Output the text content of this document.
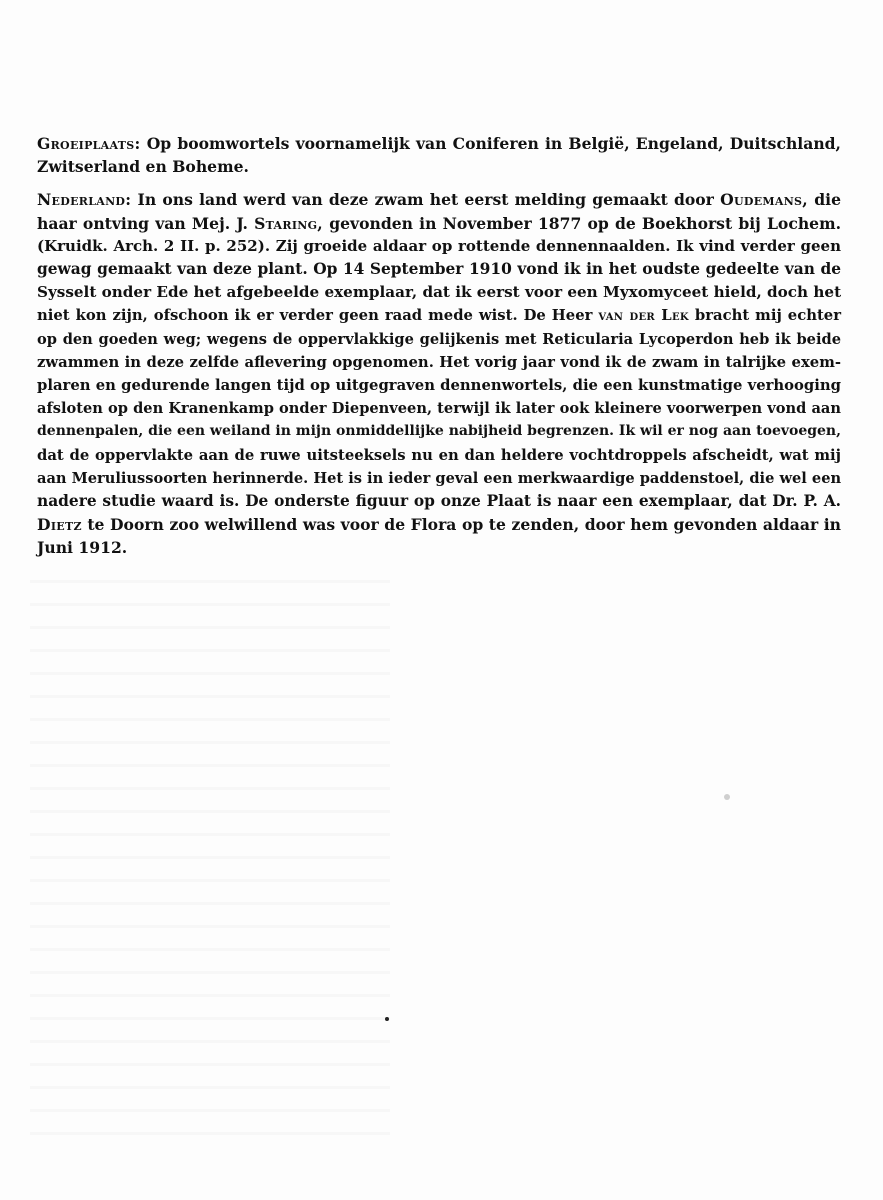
Groeiplaats: Op boomwortels voornamelijk van Coniferen in België, Engeland, Duitschland,
Zwitserland en Boheme.
Nederland: In ons land werd van deze zwam het eerst melding gemaakt door Oudemans, die
haar ontving van Mej. J. Staring, gevonden in November 1877 op de Boekhorst bij Lochem.
(Kruidk. Arch. 2 II. p. 252). Zij groeide aldaar op rottende dennennaalden. Ik vind verder geen
gewag gemaakt van deze plant. Op 14 September 1910 vond ik in het oudste gedeelte van de
Sysselt onder Ede het afgebeelde exemplaar, dat ik eerst voor een Myxomyceet hield, doch het
niet kon zijn, ofschoon ik er verder geen raad mede wist. De Heer van der Lek bracht mij echter
op den goeden weg; wegens de oppervlakkige gelijkenis met Reticularia Lycoperdon heb ik beide
zwammen in deze zelfde aflevering opgenomen. Het vorig jaar vond ik de zwam in talrijke exem-
plaren en gedurende langen tijd op uitgegraven dennenwortels, die een kunstmatige verhooging
afsloten op den Kranenkamp onder Diepenveen, terwijl ik later ook kleinere voorwerpen vond aan
dennenpalen, die een weiland in mijn onmiddellijke nabijheid begrenzen. Ik wil er nog aan toevoegen,
dat de oppervlakte aan de ruwe uitsteeksels nu en dan heldere vochtdroppels afscheidt, wat mij
aan Meruliussoorten herinnerde. Het is in ieder geval een merkwaardige paddenstoel, die wel een
nadere studie waard is. De onderste figuur op onze Plaat is naar een exemplaar, dat Dr. P. A.
Dietz te Doorn zoo welwillend was voor de Flora op te zenden, door hem gevonden aldaar in
Juni 1912.
